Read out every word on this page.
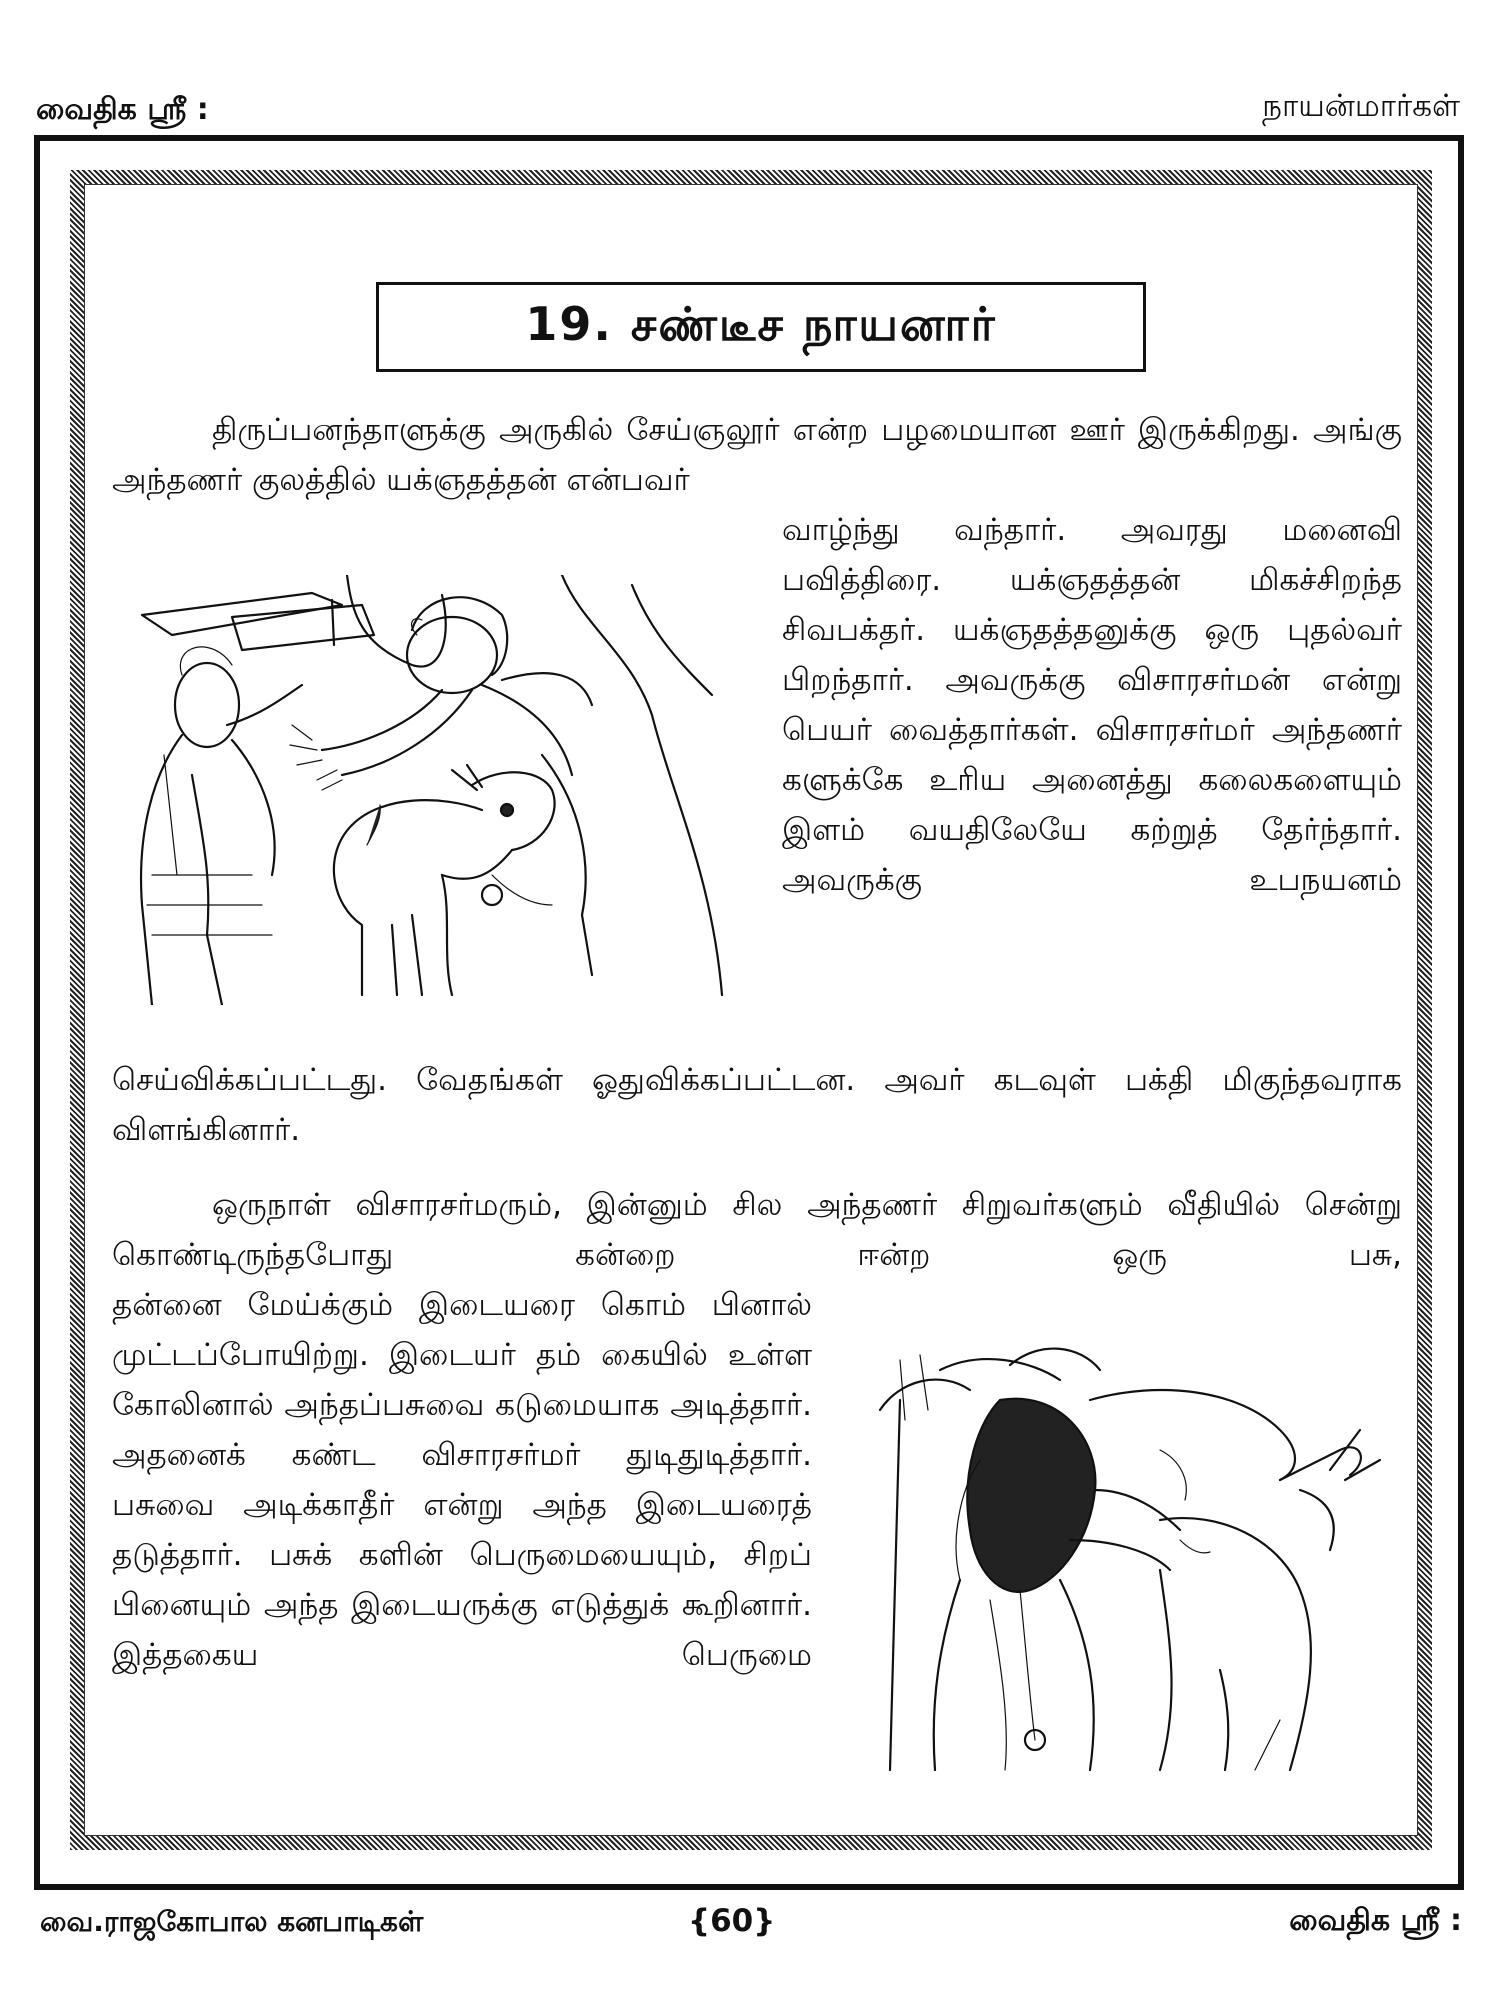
வைதிக ஸ்ரீ :	நாயன்மார்கள்
19. சண்டீச நாயனார்
திருப்பனந்தாளுக்கு அருகில் சேய்ஞலூர் என்ற பழமையான ஊர் இருக்கிறது. அங்கு அந்தணர் குலத்தில் யக்ஞதத்தன் என்பவர்
வாழ்ந்து வந்தார். அவரது மனைவி பவித்திரை. யக்ஞதத்தன் மிகச்சிறந்த சிவபக்தர். யக்ஞதத்தனுக்கு ஒரு புதல்வர் பிறந்தார். அவருக்கு விசாரசர்மன் என்று பெயர் வைத்தார்கள். விசாரசர்மர் அந்தணர் களுக்கே உரிய அனைத்து கலைகளையும் இளம் வயதிலேயே கற்றுத் தேர்ந்தார். அவருக்கு உபநயனம்
செய்விக்கப்பட்டது. வேதங்கள் ஓதுவிக்கப்பட்டன. அவர் கடவுள் பக்தி மிகுந்தவராக விளங்கினார்.
ஒருநாள் விசாரசர்மரும், இன்னும் சில அந்தணர் சிறுவர்களும் வீதியில் சென்று கொண்டிருந்தபோது கன்றை ஈன்ற ஒரு பசு,
தன்னை மேய்க்கும் இடையரை கொம் பினால் முட்டப்போயிற்று. இடையர் தம் கையில் உள்ள கோலினால் அந்தப்பசுவை கடுமையாக அடித்தார். அதனைக் கண்ட விசாரசர்மர் துடிதுடித்தார். பசுவை அடிக்காதீர் என்று அந்த இடையரைத் தடுத்தார். பசுக் களின் பெருமையையும், சிறப் பினையும் அந்த இடையருக்கு எடுத்துக் கூறினார். இத்தகைய பெருமை
வை.ராஜகோபால கனபாடிகள்	{60}	வைதிக ஸ்ரீ :
